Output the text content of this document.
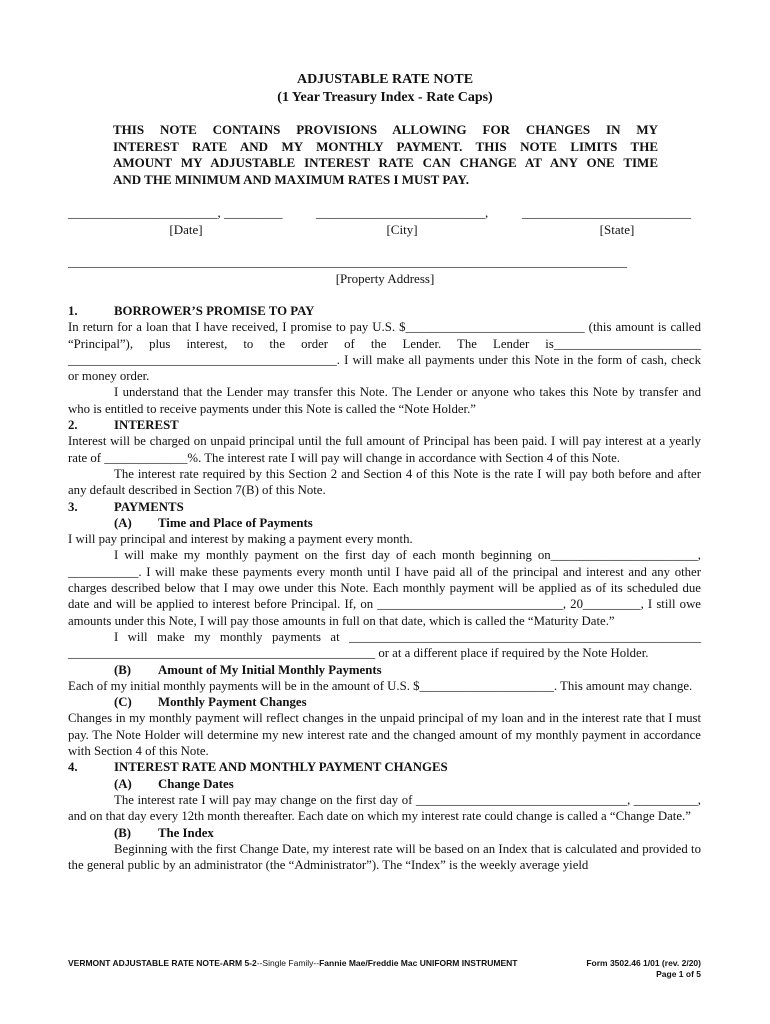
ADJUSTABLE RATE NOTE
(1 Year Treasury Index - Rate Caps)
THIS NOTE CONTAINS PROVISIONS ALLOWING FOR CHANGES IN MY
INTEREST RATE AND MY MONTHLY PAYMENT. THIS NOTE LIMITS THE
AMOUNT MY ADJUSTABLE INTEREST RATE CAN CHANGE AT ANY ONE TIME
AND THE MINIMUM AND MAXIMUM RATES I MUST PAY.
_______________________, _________	__________________________,	__________________________
[Date]	[City]	[State]
______________________________________________________________________________________
[Property Address]
1.	BORROWER’S PROMISE TO PAY

In return for a loan that I have received, I promise to pay U.S. $____________________________ (this amount is called “Principal”), plus interest, to the order of the Lender. The Lender is_______________________ __________________________________________. I will make all payments under this Note in the form of cash, check or money order.

I understand that the Lender may transfer this Note. The Lender or anyone who takes this Note by transfer and who is entitled to receive payments under this Note is called the “Note Holder.”

2.	INTEREST

Interest will be charged on unpaid principal until the full amount of Principal has been paid. I will pay interest at a yearly rate of _____________%. The interest rate I will pay will change in accordance with Section 4 of this Note.

The interest rate required by this Section 2 and Section 4 of this Note is the rate I will pay both before and after any default described in Section 7(B) of this Note.

3.	PAYMENTS
(A)	Time and Place of Payments

I will pay principal and interest by making a payment every month.

I will make my monthly payment on the first day of each month beginning on_______________________, ___________. I will make these payments every month until I have paid all of the principal and interest and any other charges described below that I may owe under this Note. Each monthly payment will be applied as of its scheduled due date and will be applied to interest before Principal. If, on _____________________________, 20_________, I still owe amounts under this Note, I will pay those amounts in full on that date, which is called the “Maturity Date.”

I will make my monthly payments at _______________________________________________________ ________________________________________________ or at a different place if required by the Note Holder.

(B)	Amount of My Initial Monthly Payments

Each of my initial monthly payments will be in the amount of U.S. $_____________________. This amount may change.

(C)	Monthly Payment Changes

Changes in my monthly payment will reflect changes in the unpaid principal of my loan and in the interest rate that I must pay. The Note Holder will determine my new interest rate and the changed amount of my monthly payment in accordance with Section 4 of this Note.

4.	INTEREST RATE AND MONTHLY PAYMENT CHANGES
(A)	Change Dates

The interest rate I will pay may change on the first day of _________________________________, __________, and on that day every 12th month thereafter. Each date on which my interest rate could change is called a “Change Date.”

(B)	The Index

Beginning with the first Change Date, my interest rate will be based on an Index that is calculated and provided to the general public by an administrator (the “Administrator”). The “Index” is the weekly average yield

VERMONT ADJUSTABLE RATE NOTE-ARM 5-2--Single Family--Fannie Mae/Freddie Mac UNIFORM INSTRUMENT	Form 3502.46 1/01 (rev. 2/20)
Page 1 of 5
